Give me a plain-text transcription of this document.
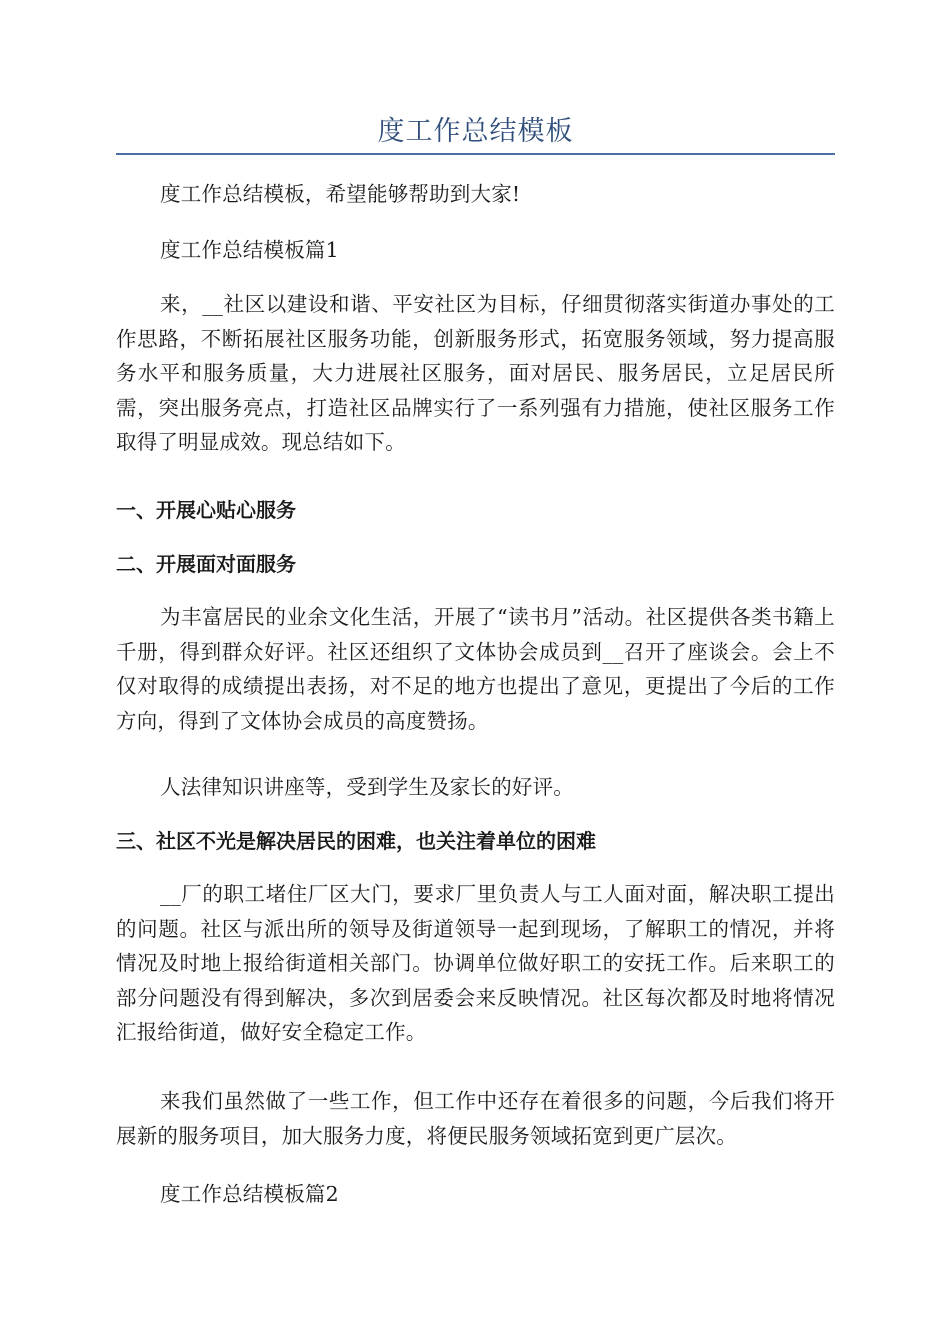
度工作总结模板

度工作总结模板，希望能够帮助到大家!

度工作总结模板篇1

来，__社区以建设和谐、平安社区为目标，仔细贯彻落实街道办事处的工作思路，不断拓展社区服务功能，创新服务形式，拓宽服务领域，努力提高服务水平和服务质量，大力进展社区服务，面对居民、服务居民，立足居民所需，突出服务亮点，打造社区品牌实行了一系列强有力措施，使社区服务工作取得了明显成效。现总结如下。

一、开展心贴心服务

二、开展面对面服务

为丰富居民的业余文化生活，开展了“读书月”活动。社区提供各类书籍上千册，得到群众好评。社区还组织了文体协会成员到__召开了座谈会。会上不仅对取得的成绩提出表扬，对不足的地方也提出了意见，更提出了今后的工作方向，得到了文体协会成员的高度赞扬。

人法律知识讲座等，受到学生及家长的好评。

三、社区不光是解决居民的困难，也关注着单位的困难

__厂的职工堵住厂区大门，要求厂里负责人与工人面对面，解决职工提出的问题。社区与派出所的领导及街道领导一起到现场，了解职工的情况，并将情况及时地上报给街道相关部门。协调单位做好职工的安抚工作。后来职工的部分问题没有得到解决，多次到居委会来反映情况。社区每次都及时地将情况汇报给街道，做好安全稳定工作。

来我们虽然做了一些工作，但工作中还存在着很多的问题，今后我们将开展新的服务项目，加大服务力度，将便民服务领域拓宽到更广层次。

度工作总结模板篇2
